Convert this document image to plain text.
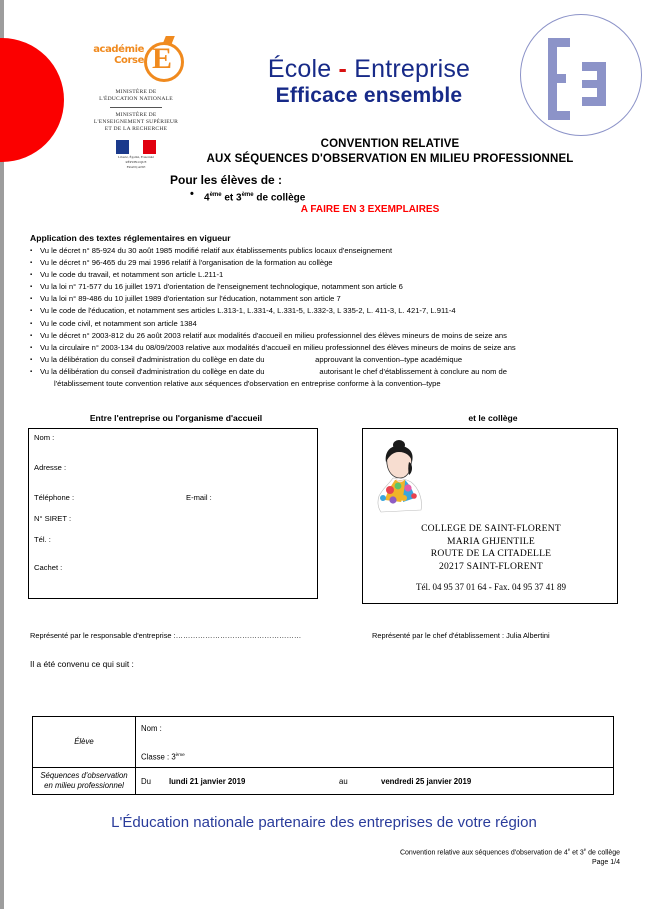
académie
Corse E
MINISTÈRE DE
L'ÉDUCATION NATIONALE
MINISTÈRE DE
L'ENSEIGNEMENT SUPÉRIEUR
ET DE LA RECHERCHE
Liberté, Égalité, Fraternité
RÉPUBLIQUE FRANÇAISE
École - Entreprise
Efficace ensemble
CONVENTION RELATIVE
AUX SÉQUENCES D'OBSERVATION EN MILIEU PROFESSIONNEL
Pour les élèves de :
• 4ème et 3ème de collège
A FAIRE EN 3 EXEMPLAIRES
Application des textes réglementaires en vigueur
▪ Vu le décret n° 85-924 du 30 août 1985 modifié relatif aux établissements publics locaux d'enseignement
▪ Vu le décret n° 96-465 du 29 mai 1996 relatif à l'organisation de la formation au collège
▪ Vu le code du travail, et notamment son article L.211-1
▪ Vu la loi n° 71-577 du 16 juillet 1971 d'orientation de l'enseignement technologique, notamment son article 6
▪ Vu la loi n° 89-486 du 10 juillet 1989 d'orientation sur l'éducation, notamment son article 7
▪ Vu le code de l'éducation, et notamment ses articles L.313-1, L.331-4, L.331-5, L.332-3, L 335-2, L. 411-3, L. 421-7, L.911-4
▪ Vu le code civil, et notamment son article 1384
▪ Vu le décret n° 2003-812 du 26 août 2003 relatif aux modalités d'accueil en milieu professionnel des élèves mineurs de moins de seize ans
▪ Vu la circulaire n° 2003-134 du 08/09/2003 relative aux modalités d'accueil en milieu professionnel des élèves mineurs de moins de seize ans
▪ Vu la délibération du conseil d'administration du collège en date du                        approuvant la convention–type académique
▪ Vu la délibération du conseil d'administration du collège en date du                          autorisant le chef d'établissement à conclure au nom de
l'établissement toute convention relative aux séquences d'observation en entreprise conforme à la convention–type
Entre l'entreprise ou l'organisme d'accueil	et le collège
Nom :
Adresse :
Téléphone :	E-mail :
N° SIRET :
Tél. :
Cachet :
COLLEGE DE SAINT-FLORENT
MARIA GHJENTILE
ROUTE DE LA CITADELLE
20217 SAINT-FLORENT
Tél. 04 95 37 01 64 - Fax. 04 95 37 41 89
Représenté par le responsable d'entreprise :……………………………………………	Représenté par le chef d'établissement : Julia Albertini
Il a été convenu ce qui suit :
Élève	Nom :
Classe : 3ème

Séquences d'observation
en milieu professionnel	Du	lundi 21 janvier 2019	au	vendredi 25 janvier 2019
L'Éducation nationale partenaire des entreprises de votre région
Convention relative aux séquences d'observation de 4e et 3e de collège
Page 1/4
